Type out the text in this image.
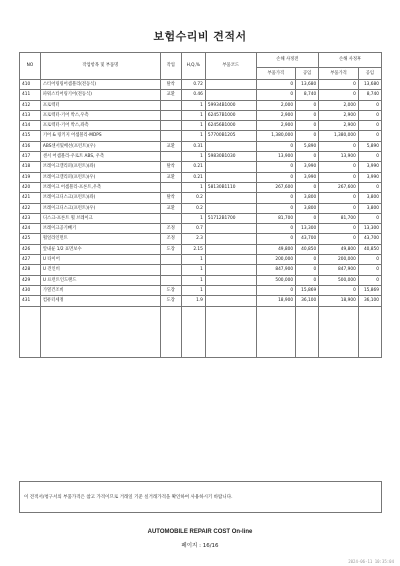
보험수리비 견적서
NO	작업항목 및 부품명	작업	H,Q,%	부품코드	손해 사정전		손해 사정후	
					부품가격	공임	부품가격	공임
410	스티어링링어셈블리(전동식)	탈착	0.72		0	13,680	0	13,680
411	파워스티어링기어(전동식)	교환	0.46		0	8,740	0	8,740
412	프로텍터		1	59934B1000	2,000	0	2,000	0
413	프로텍터-기어 박스,우측		1	62457B1000	2,900	0	2,900	0
414	프로텍터-기어 박스,좌측		1	62456B1000	2,900	0	2,900	0
415	기어 & 링키지 어셈블리-MDPS		1	57700B1205	1,380,000	0	1,380,000	0
416	ABS센서및배선(프런트)(우)	교환	0.31		0	5,890	0	5,890
417	센서 어셈블리-우로트 ABS, 우측		1	59830B1030	13,900	0	13,900	0
418	브레이크캘리퍼(프런트)(좌)	탈착	0.21		0	3,990	0	3,990
419	브레이크캘리퍼(프런트)(우)	교환	0.21		0	3,990	0	3,990
420	브레이크 어셈블리-프론트,우측		1	58130B1110	267,600	0	267,600	0
421	브레이크디스크(프런트)(좌)	탈착	0.2		0	3,800	0	3,800
422	브레이크디스크(프런트)(우)	교환	0.2		0	3,800	0	3,800
423	디스크-프론트 휠 브레이크		1	51712B1700	81,700	0	81,700	0
424	브레이크공기빼기	조정	0.7		0	13,300	0	13,300
425	휠얼라인먼트	조정	2.3		0	43,700	0	43,700
426	앞내륜 1/2 표면보수	도장	2.15		49,800	40,850	49,800	40,850
427	U 타이어		1		200,000	0	200,000	0
428	U 견인비		1		847,900	0	847,900	0
429	U 프런트인도랜드		1		500,000	0	500,000	0
430	가열건조비	도장	1		0	15,869	0	15,869
431	컴퓨터세정	도장	1.9		18,900	36,100	18,900	36,100

이 견적서/청구서의 부품가격은 참고 가격이므로 거래일 기준 실거래가격을 확인하여 사용하시기 바랍니다.
AUTOMOBILE REPAIR COST On-line
페이지 : 16/16
2024-06-11 10:35:04
